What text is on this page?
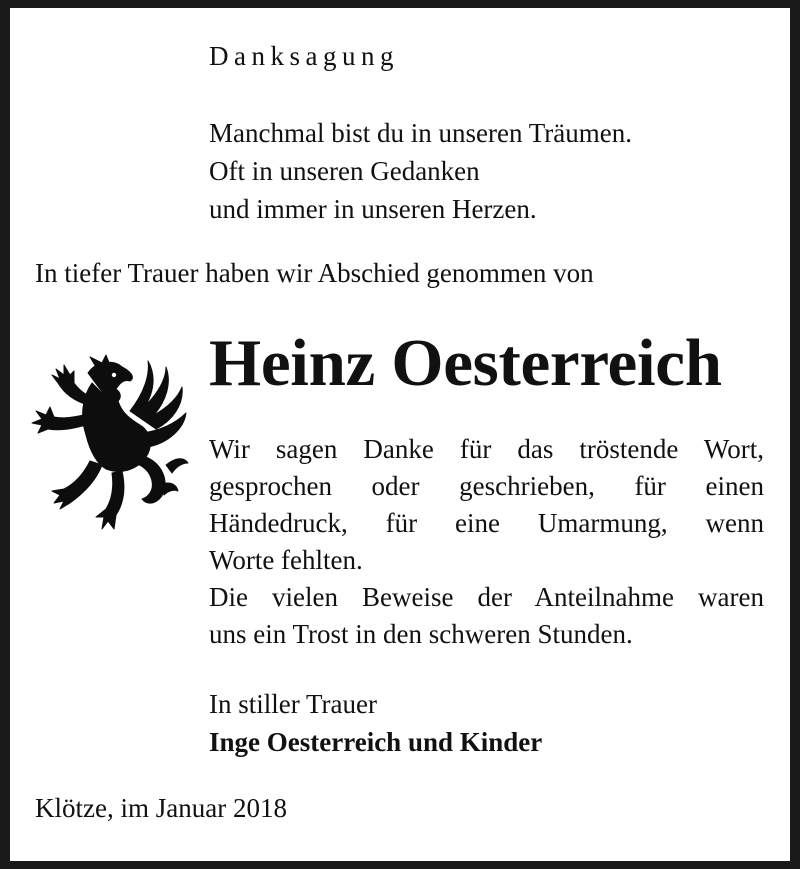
Danksagung
Manchmal bist du in unseren Träumen.
Oft in unseren Gedanken
und immer in unseren Herzen.
In tiefer Trauer haben wir Abschied genommen von
Heinz Oesterreich
Wir sagen Danke für das tröstende Wort,
gesprochen oder geschrieben, für einen
Händedruck, für eine Umarmung, wenn
Worte fehlten.
Die vielen Beweise der Anteilnahme waren
uns ein Trost in den schweren Stunden.
In stiller Trauer
Inge Oesterreich und Kinder
Klötze, im Januar 2018
